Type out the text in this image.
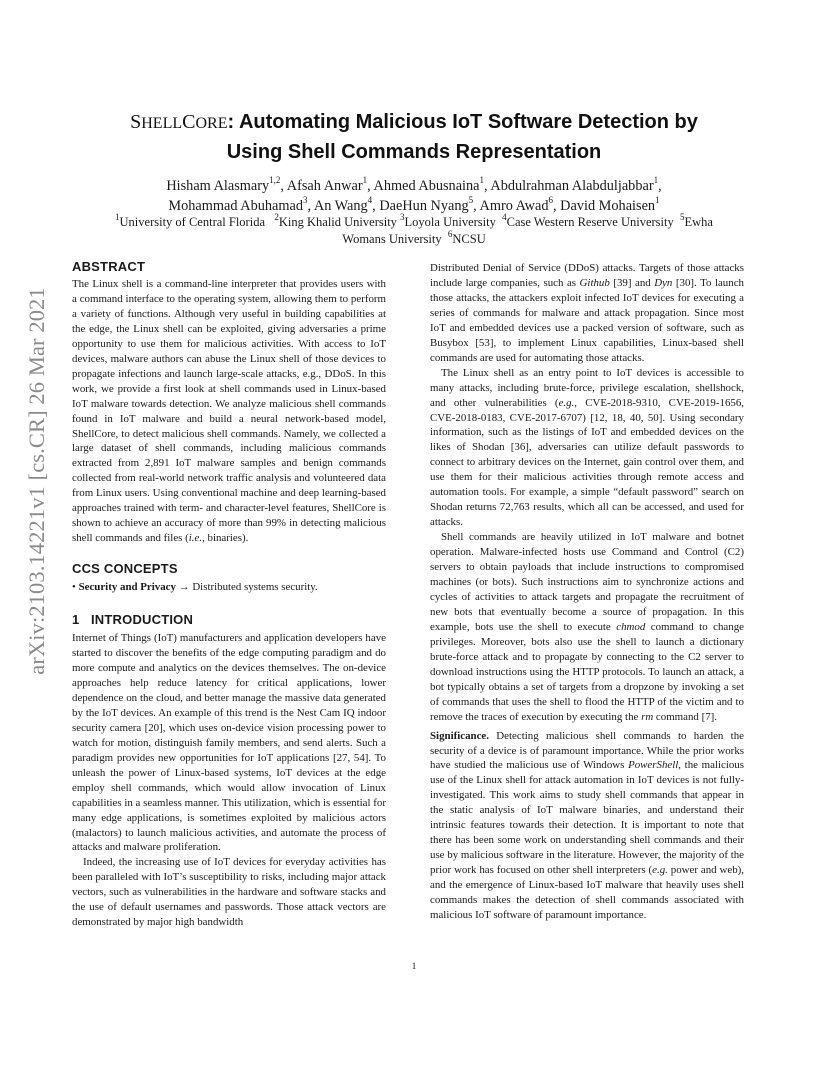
arXiv:2103.14221v1 [cs.CR] 26 Mar 2021
SHELLCORE: Automating Malicious IoT Software Detection by
Using Shell Commands Representation
Hisham Alasmary$^{1,2}$, Afsah Anwar$^1$, Ahmed Abusnaina$^1$, Abdulrahman Alabduljabbar$^1$,
Mohammad Abuhamad$^3$, An Wang$^4$, DaeHun Nyang$^5$, Amro Awad$^6$, David Mohaisen$^1$
$^1$University of Central Florida $^2$King Khalid University $^3$Loyola University $^4$Case Western Reserve University $^5$Ewha
Womans University $^6$NCSU
ABSTRACT

The Linux shell is a command-line interpreter that provides users with a command interface to the operating system, allowing them to perform a variety of functions. Although very useful in building capabilities at the edge, the Linux shell can be exploited, giving adversaries a prime opportunity to use them for malicious activities. With access to IoT devices, malware authors can abuse the Linux shell of those devices to propagate infections and launch large-scale attacks, e.g., DDoS. In this work, we provide a first look at shell commands used in Linux-based IoT malware towards detection. We analyze malicious shell commands found in IoT malware and build a neural network-based model, ShellCore, to detect malicious shell commands. Namely, we collected a large dataset of shell commands, including malicious commands extracted from 2,891 IoT malware samples and benign commands collected from real-world network traffic analysis and volunteered data from Linux users. Using conventional machine and deep learning-based approaches trained with term- and character-level features, ShellCore is shown to achieve an accuracy of more than 99% in detecting malicious shell commands and files (i.e., binaries).

CCS CONCEPTS

• Security and Privacy → Distributed systems security.

1 INTRODUCTION

Internet of Things (IoT) manufacturers and application developers have started to discover the benefits of the edge computing paradigm and do more compute and analytics on the devices themselves. The on-device approaches help reduce latency for critical applications, lower dependence on the cloud, and better manage the massive data generated by the IoT devices. An example of this trend is the Nest Cam IQ indoor security camera [20], which uses on-device vision processing power to watch for motion, distinguish family members, and send alerts. Such a paradigm provides new opportunities for IoT applications [27, 54]. To unleash the power of Linux-based systems, IoT devices at the edge employ shell commands, which would allow invocation of Linux capabilities in a seamless manner. This utilization, which is essential for many edge applications, is sometimes exploited by malicious actors (malactors) to launch malicious activities, and automate the process of attacks and malware proliferation.

Indeed, the increasing use of IoT devices for everyday activities has been paralleled with IoT’s susceptibility to risks, including major attack vectors, such as vulnerabilities in the hardware and software stacks and the use of default usernames and passwords. Those attack vectors are demonstrated by major high bandwidth

Distributed Denial of Service (DDoS) attacks. Targets of those attacks include large companies, such as Github [39] and Dyn [30]. To launch those attacks, the attackers exploit infected IoT devices for executing a series of commands for malware and attack propagation. Since most IoT and embedded devices use a packed version of software, such as Busybox [53], to implement Linux capabilities, Linux-based shell commands are used for automating those attacks.

The Linux shell as an entry point to IoT devices is accessible to many attacks, including brute-force, privilege escalation, shellshock, and other vulnerabilities (e.g., CVE-2018-9310, CVE-2019-1656, CVE-2018-0183, CVE-2017-6707) [12, 18, 40, 50]. Using secondary information, such as the listings of IoT and embedded devices on the likes of Shodan [36], adversaries can utilize default passwords to connect to arbitrary devices on the Internet, gain control over them, and use them for their malicious activities through remote access and automation tools. For example, a simple “default password” search on Shodan returns 72,763 results, which all can be accessed, and used for attacks.

Shell commands are heavily utilized in IoT malware and botnet operation. Malware-infected hosts use Command and Control (C2) servers to obtain payloads that include instructions to compromised machines (or bots). Such instructions aim to synchronize actions and cycles of activities to attack targets and propagate the recruitment of new bots that eventually become a source of propagation. In this example, bots use the shell to execute chmod command to change privileges. Moreover, bots also use the shell to launch a dictionary brute-force attack and to propagate by connecting to the C2 server to download instructions using the HTTP protocols. To launch an attack, a bot typically obtains a set of targets from a dropzone by invoking a set of commands that uses the shell to flood the HTTP of the victim and to remove the traces of execution by executing the rm command [7].

Significance. Detecting malicious shell commands to harden the security of a device is of paramount importance. While the prior works have studied the malicious use of Windows PowerShell, the malicious use of the Linux shell for attack automation in IoT devices is not fully-investigated. This work aims to study shell commands that appear in the static analysis of IoT malware binaries, and understand their intrinsic features towards their detection. It is important to note that there has been some work on understanding shell commands and their use by malicious software in the literature. However, the majority of the prior work has focused on other shell interpreters (e.g. power and web), and the emergence of Linux-based IoT malware that heavily uses shell commands makes the detection of shell commands associated with malicious IoT software of paramount importance.

1
